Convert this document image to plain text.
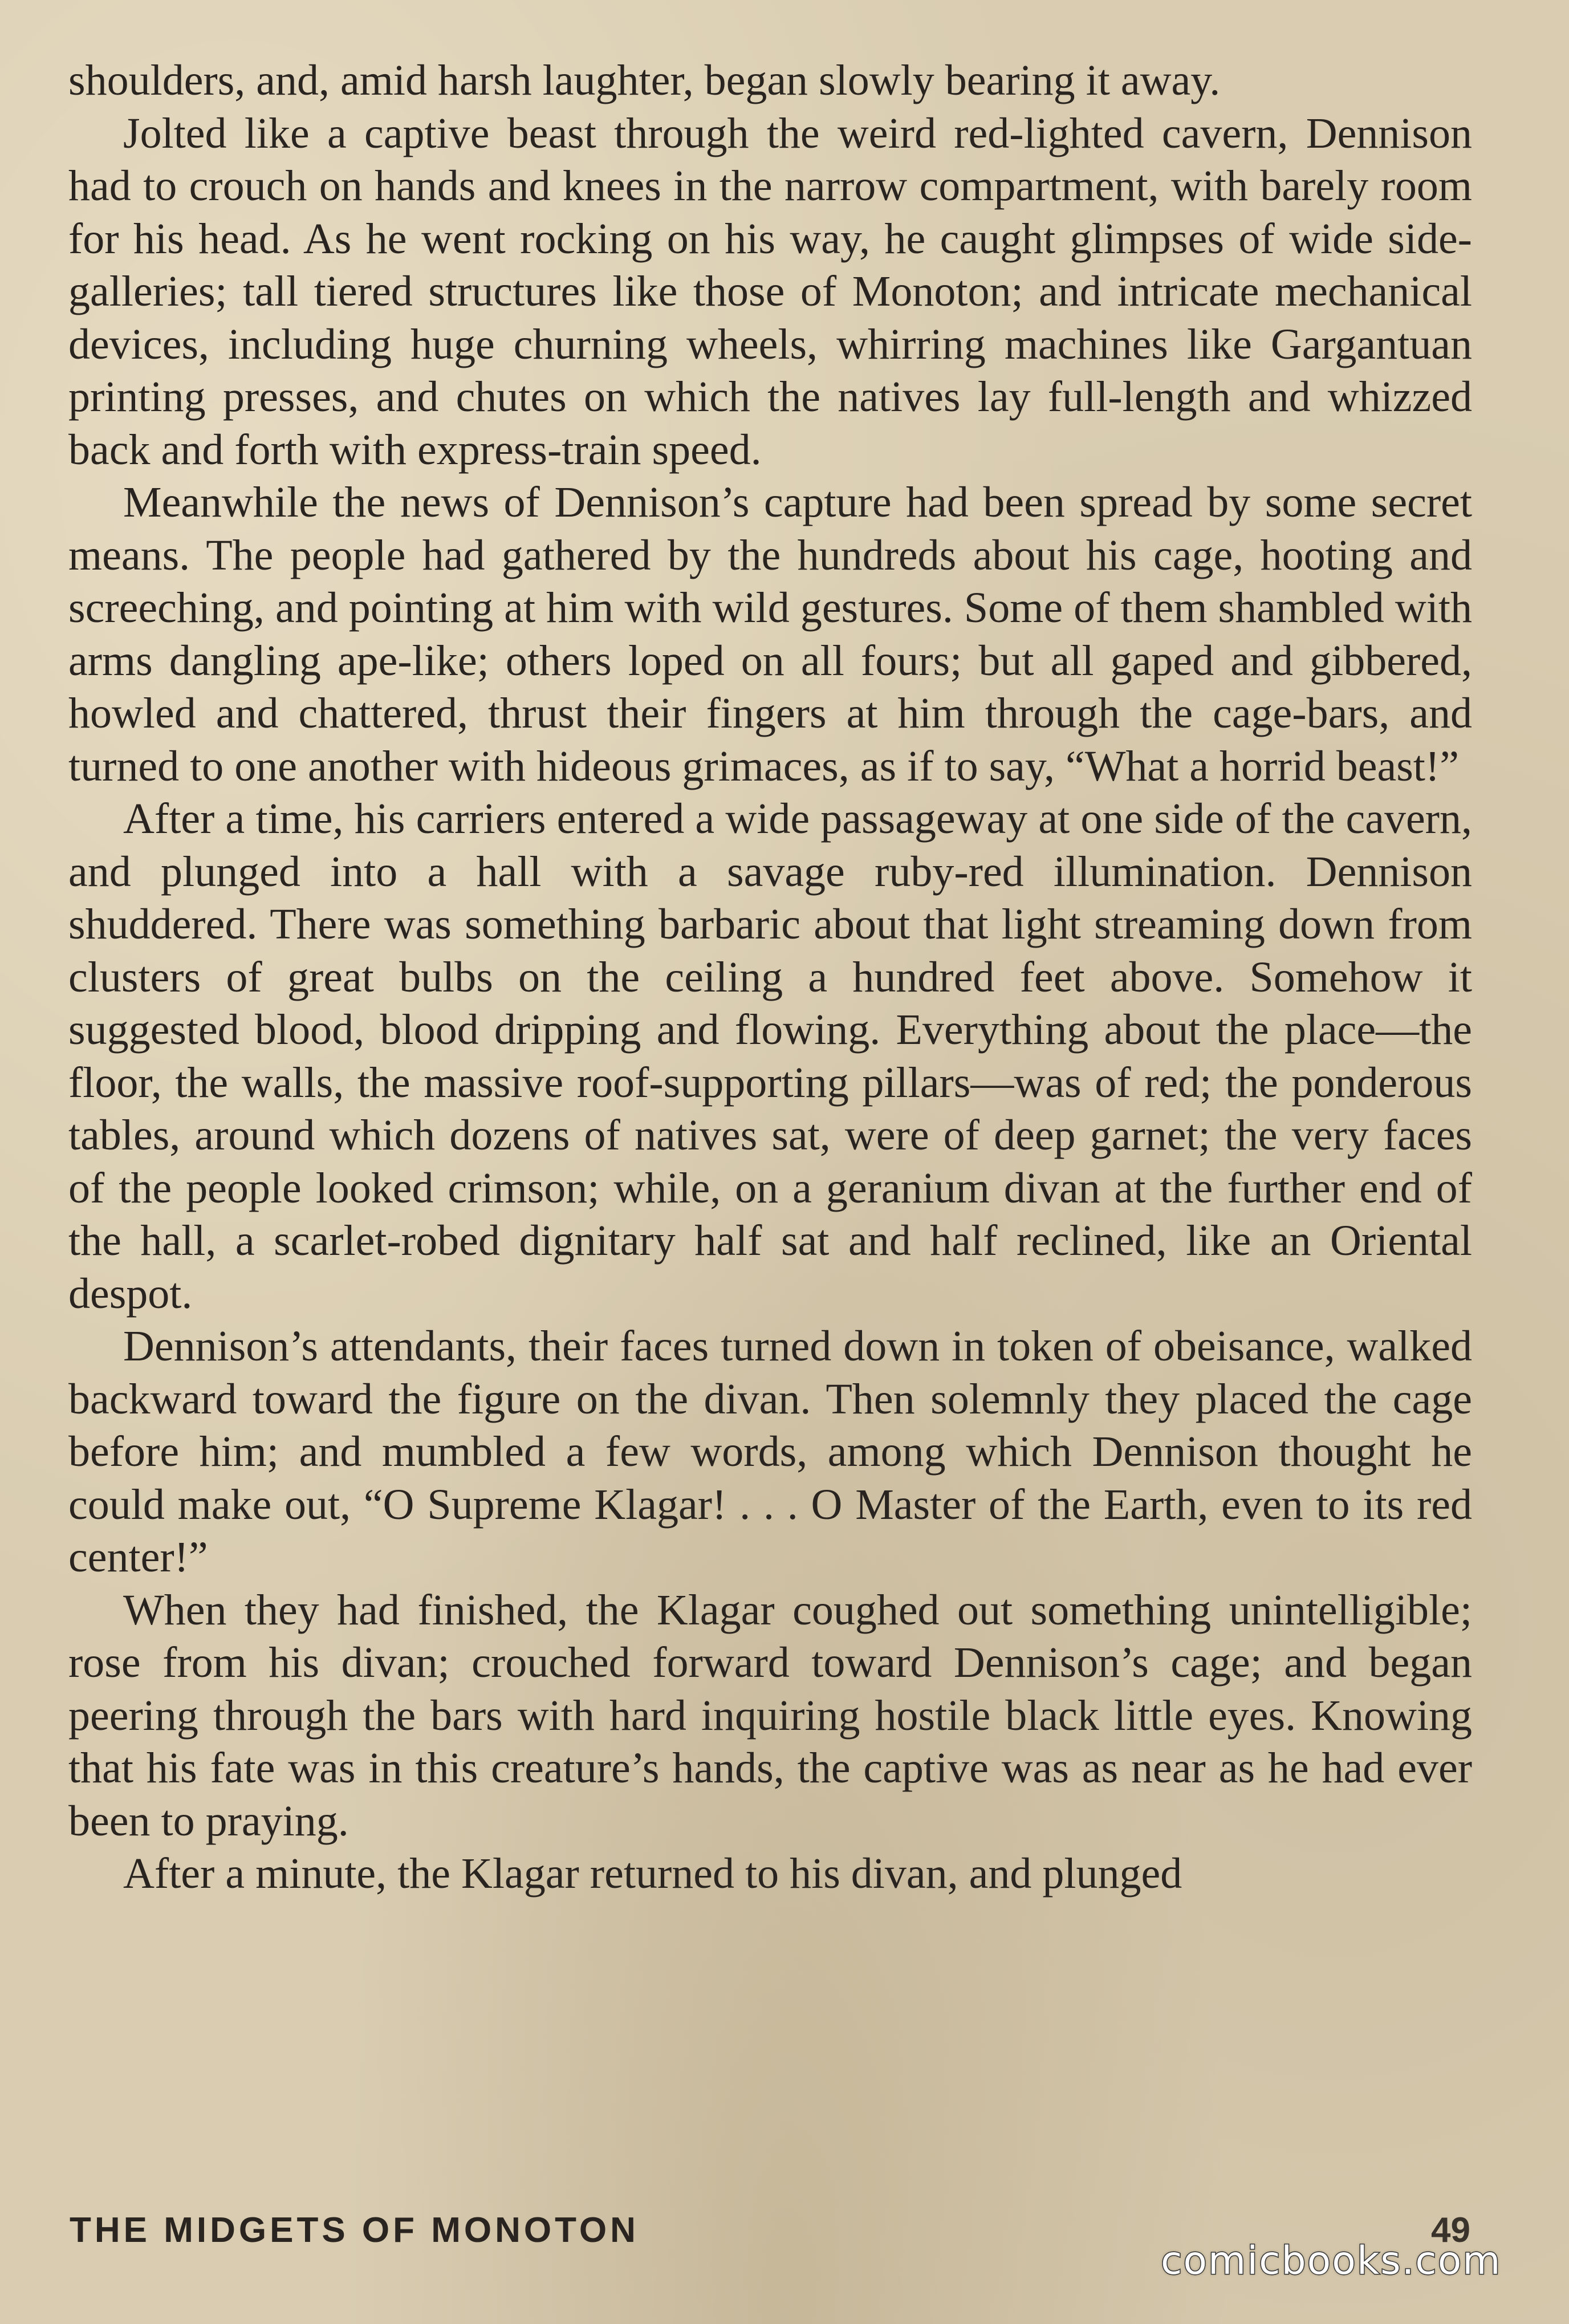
shoulders, and, amid harsh laughter, began slowly bearing it away.

Jolted like a captive beast through the weird red-lighted cavern, Dennison had to crouch on hands and knees in the narrow compartment, with barely room for his head. As he went rocking on his way, he caught glimpses of wide side-galleries; tall tiered structures like those of Monoton; and intricate mechanical devices, including huge churning wheels, whirring machines like Gargantuan printing presses, and chutes on which the natives lay full-length and whizzed back and forth with express-train speed.

Meanwhile the news of Dennison’s capture had been spread by some secret means. The people had gathered by the hundreds about his cage, hooting and screeching, and pointing at him with wild gestures. Some of them shambled with arms dangling ape-like; others loped on all fours; but all gaped and gibbered, howled and chattered, thrust their fingers at him through the cage-bars, and turned to one another with hideous grimaces, as if to say, “What a horrid beast!”

After a time, his carriers entered a wide passageway at one side of the cavern, and plunged into a hall with a savage ruby-red illumination. Dennison shuddered. There was something barbaric about that light streaming down from clusters of great bulbs on the ceiling a hundred feet above. Somehow it suggested blood, blood dripping and flowing. Everything about the place—the floor, the walls, the massive roof-supporting pillars—was of red; the ponderous tables, around which dozens of natives sat, were of deep garnet; the very faces of the people looked crimson; while, on a geranium divan at the further end of the hall, a scarlet-robed dignitary half sat and half reclined, like an Oriental despot.

Dennison’s attendants, their faces turned down in token of obeisance, walked backward toward the figure on the divan. Then solemnly they placed the cage before him; and mumbled a few words, among which Dennison thought he could make out, “O Supreme Klagar! . . . O Master of the Earth, even to its red center!”

When they had finished, the Klagar coughed out something unintelligible; rose from his divan; crouched forward toward Dennison’s cage; and began peering through the bars with hard inquiring hostile black little eyes. Knowing that his fate was in this creature’s hands, the captive was as near as he had ever been to praying.

After a minute, the Klagar returned to his divan, and plunged

THE MIDGETS OF MONOTON	49
comicbooks.com
